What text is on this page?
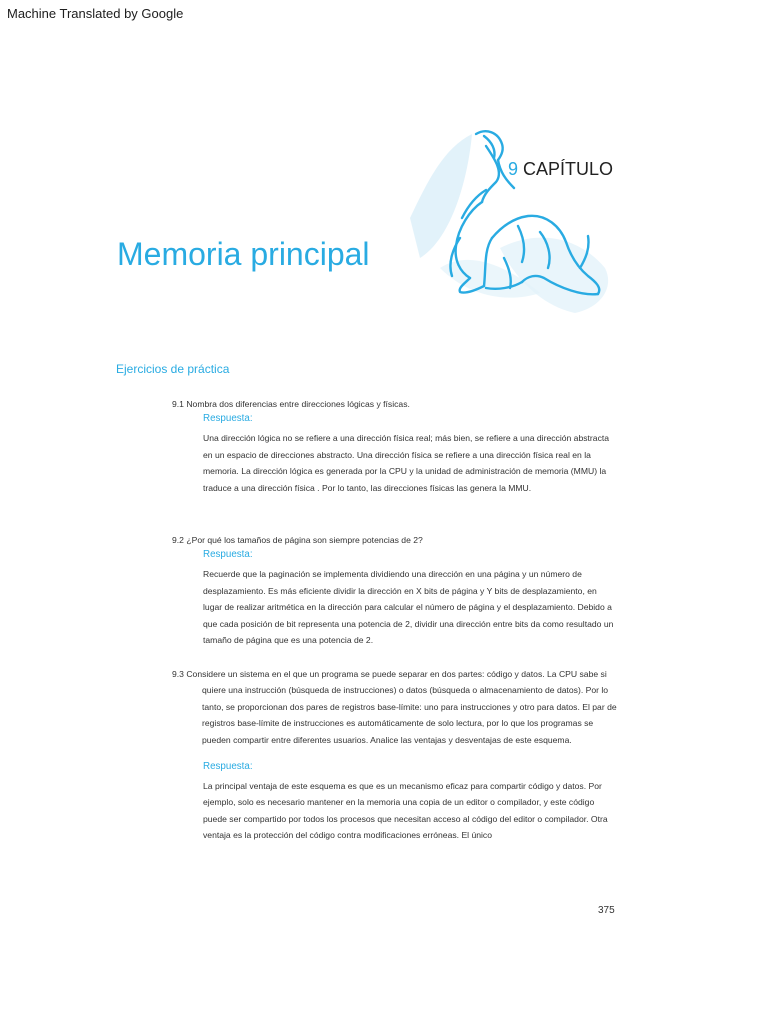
Machine Translated by Google
9 CAPÍTULO
Memoria principal
Ejercicios de práctica
9.1 Nombra dos diferencias entre direcciones lógicas y físicas.
Respuesta:
Una dirección lógica no se refiere a una dirección física real; más bien, se refiere a una dirección abstracta en un espacio de direcciones abstracto. Una dirección física se refiere a una dirección física real en la memoria. La dirección lógica es generada por la CPU y la unidad de administración de memoria (MMU) la traduce a una dirección física . Por lo tanto, las direcciones físicas las genera la MMU.
9.2 ¿Por qué los tamaños de página son siempre potencias de 2?
Respuesta:
Recuerde que la paginación se implementa dividiendo una dirección en una página y un número de desplazamiento. Es más eficiente dividir la dirección en X bits de página y Y bits de desplazamiento, en lugar de realizar aritmética en la dirección para calcular el número de página y el desplazamiento. Debido a que cada posición de bit representa una potencia de 2, dividir una dirección entre bits da como resultado un tamaño de página que es una potencia de 2.
9.3 Considere un sistema en el que un programa se puede separar en dos partes: código y datos. La CPU sabe si quiere una instrucción (búsqueda de instrucciones) o datos (búsqueda o almacenamiento de datos). Por lo tanto, se proporcionan dos pares de registros base-límite: uno para instrucciones y otro para datos. El par de registros base-límite de instrucciones es automáticamente de solo lectura, por lo que los programas se pueden compartir entre diferentes usuarios. Analice las ventajas y desventajas de este esquema.
Respuesta:
La principal ventaja de este esquema es que es un mecanismo eficaz para compartir código y datos. Por ejemplo, solo es necesario mantener en la memoria una copia de un editor o compilador, y este código puede ser compartido por todos los procesos que necesitan acceso al código del editor o compilador. Otra ventaja es la protección del código contra modificaciones erróneas. El único
375
